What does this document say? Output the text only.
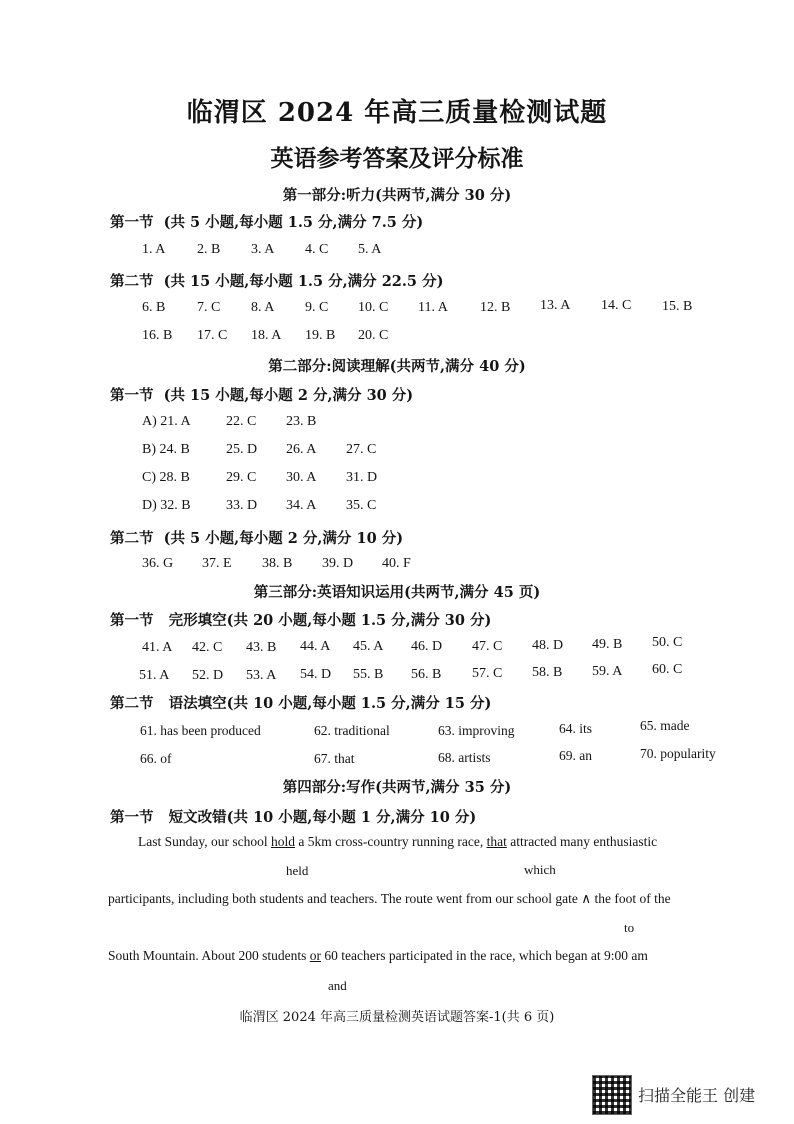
临渭区 2024 年高三质量检测试题
英语参考答案及评分标准
第一部分:听力(共两节,满分 30 分)
第一节 (共 5 小题,每小题 1.5 分,满分 7.5 分)
1. A 2. B 3. A 4. C 5. A
第二节 (共 15 小题,每小题 1.5 分,满分 22.5 分)
6. B 7. C 8. A 9. C 10. C 11. A 12. B 13. A 14. C 15. B
16. B 17. C 18. A 19. B 20. C
第二部分:阅读理解(共两节,满分 40 分)
第一节 (共 15 小题,每小题 2 分,满分 30 分)
A) 21. A	22. C 23. B
B) 24. B	25. D 26. A 27. C
C) 28. B	29. C 30. A 31. D
D) 32. B	33. D 34. A 35. C
第二节 (共 5 小题,每小题 2 分,满分 10 分)
36. G 37. E 38. B 39. D 40. F
第三部分:英语知识运用(共两节,满分 45 页)
第一节 完形填空(共 20 小题,每小题 1.5 分,满分 30 分)
41. A 42. C 43. B 44. A 45. A 46. D 47. C 48. D 49. B 50. C
51. A 52. D 53. A 54. D 55. B 56. B 57. C 58. B 59. A 60. C
第二节 语法填空(共 10 小题,每小题 1.5 分,满分 15 分)
61. has been produced	62. traditional	63. improving	64. its	65. made
66. of	67. that	68. artists	69. an	70. popularity
第四部分:写作(共两节,满分 35 分)
第一节 短文改错(共 10 小题,每小题 1 分,满分 10 分)
Last Sunday, our school hold a 5km cross-country running race, that attracted many enthusiastic
held	which
participants, including both students and teachers. The route went from our school gate ∧ the foot of the
to
South Mountain. About 200 students or 60 teachers participated in the race, which began at 9:00 am
and
临渭区 2024 年高三质量检测英语试题答案-1(共 6 页)
扫描全能王 创建
